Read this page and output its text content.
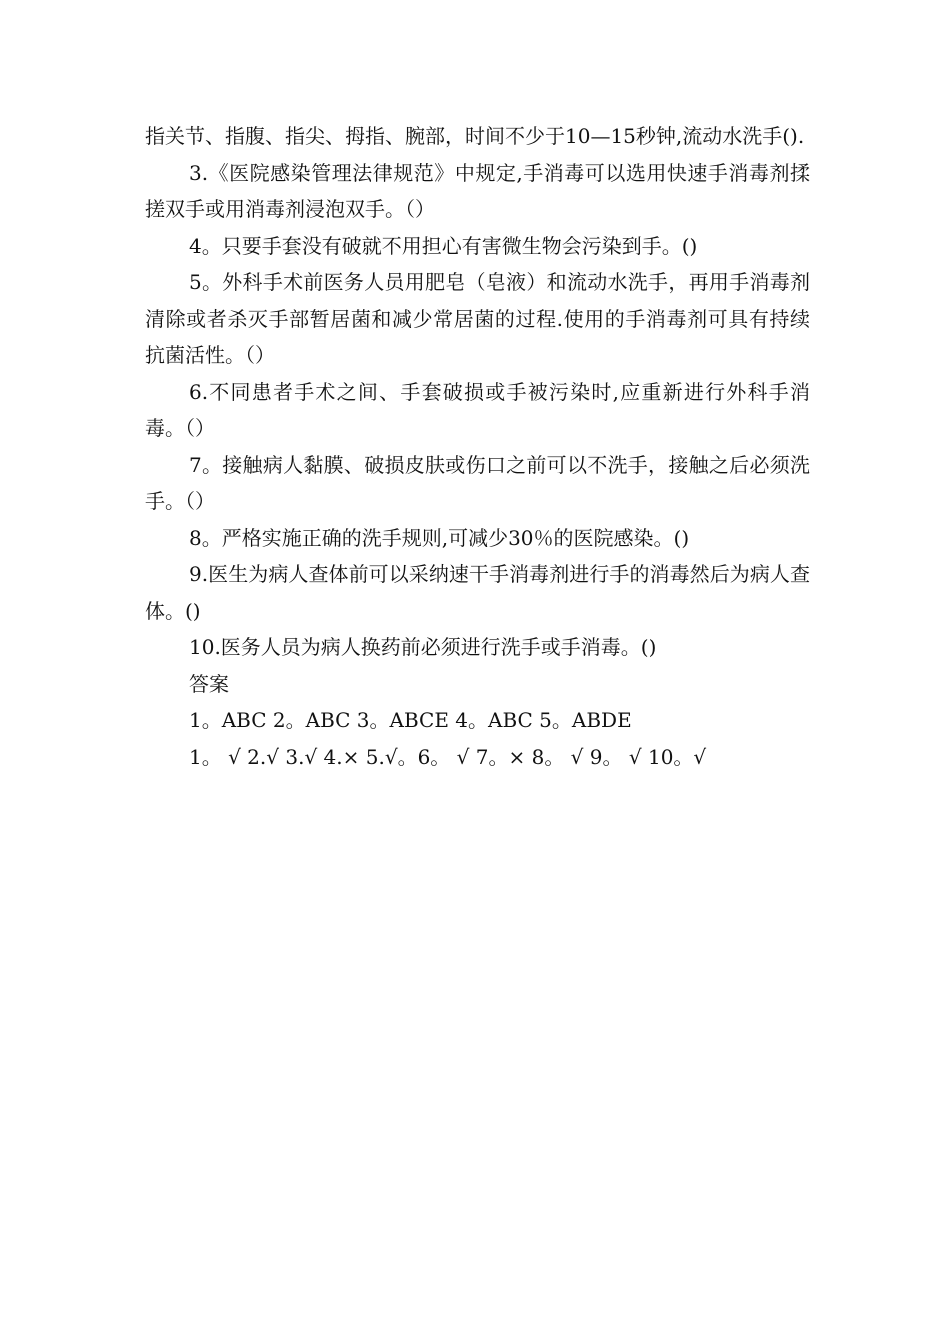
指关节、指腹、指尖、拇指、腕部，时间不少于10—15秒钟,流动水洗手().

3.《医院感染管理法律规范》中规定,手消毒可以选用快速手消毒剂揉搓双手或用消毒剂浸泡双手。（）

4。只要手套没有破就不用担心有害微生物会污染到手。()

5。外科手术前医务人员用肥皂（皂液）和流动水洗手，再用手消毒剂清除或者杀灭手部暂居菌和减少常居菌的过程.使用的手消毒剂可具有持续抗菌活性。（）

6.不同患者手术之间、手套破损或手被污染时,应重新进行外科手消毒。（）

7。接触病人黏膜、破损皮肤或伤口之前可以不洗手，接触之后必须洗手。（）

8。严格实施正确的洗手规则,可减少30％的医院感染。()

9.医生为病人查体前可以采纳速干手消毒剂进行手的消毒然后为病人查体。()

10.医务人员为病人换药前必须进行洗手或手消毒。()

答案

1。ABC 2。ABC 3。ABCE 4。ABC 5。ABDE

1。 √ 2.√ 3.√ 4.× 5.√。6。 √ 7。× 8。 √ 9。 √ 10。√
